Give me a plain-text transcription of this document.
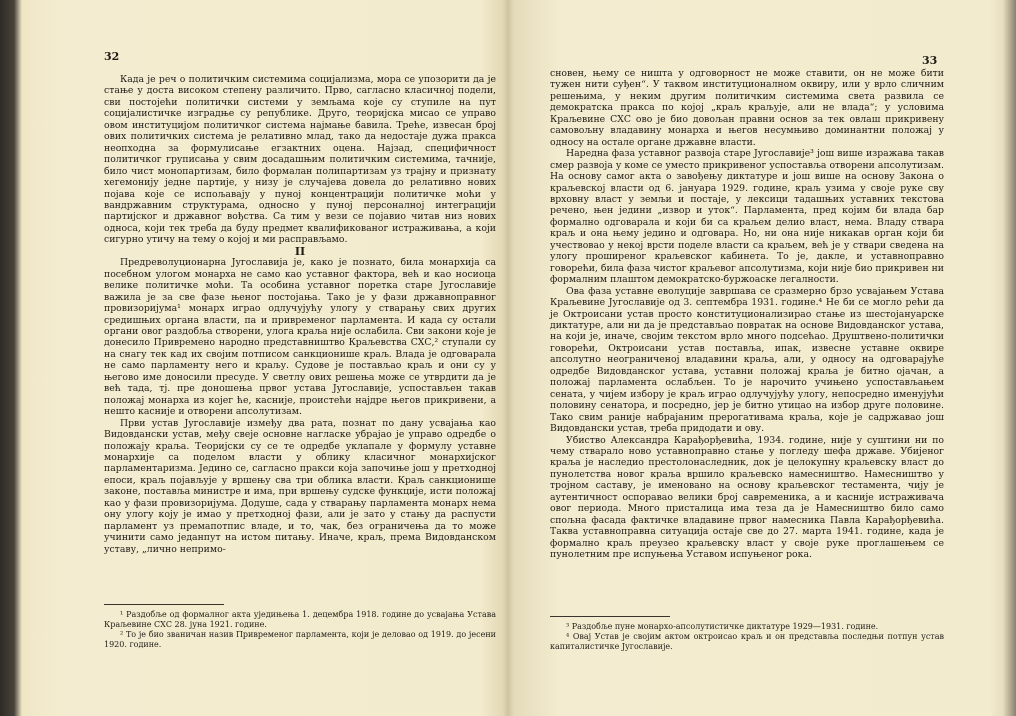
32

Када је реч о политичким системима социјализма, мора се упозорити да је стање у доста високом степену различито. Прво, сагласно класичној подели, сви постојећи политички системи у земљама које су ступиле на пут социјалистичке изградње су републике. Друго, теоријска мисао се управо овом институцијом политичког система најмање бавила. Треће, извесан број ових политичких система је релативно млад, тако да недостаје дужа пракса неопходна за формулисање егзактних оцена. Најзад, специфичност политичког груписања у свим досадашњим политичким системима, тачније, било чист монопартизам, било формалан полипартизам уз трајну и признату хегемонију једне партије, у низу је случајева довела до релативно нових појава које се испољавају у пуној концентрацији политичке моћи у вандржавним структурама, односно у пуној персоналној интеграцији партијског и државног вођства. Са тим у вези се појавио читав низ нових односа, који тек треба да буду предмет квалификованог истраживања, а који сигурно утичу на тему о којој и ми расправљамо.

II

Предреволуционарна Југославија је, како је познато, била монархија са посебном улогом монарха не само као уставног фактора, већ и као носиоца велике политичке моћи. Та особина уставног поретка старе Југославије важила је за све фазе њеног постојања. Тако је у фази државноправног провизоријума¹ монарх играо одлучујућу улогу у стварању свих других средишњих органа власти, па и привременог парламента. И када су остали органи овог раздобља створени, улога краља није ослабила. Сви закони које је донесило Привремено народно представништво Краљевства СХС,² ступали су на снагу тек кад их својим потписом санкционише краљ. Влада је одговарала не само парламенту него и краљу. Судове је постављао краљ и они су у његово име доносили пресуде. У светлу ових решења може се утврдити да је већ тада, тј. пре доношења првог устава Југославије, успостављен такав положај монарха из којег ће, касније, проистећи најдре његов прикривени, а нешто касније и отворени апсолутизам.

Први устав Југославије између два рата, познат по дану усвајања као Видовдански устав, међу свеје основне нагласке убрајао је управо одредбе о положају краља. Теоријски су се те одредбе уклапале у формулу уставне монархије са поделом власти у облику класичног монархијског парламентаризма. Једино се, сагласно пракси која започиње још у претходној епоси, краљ појављује у вршењу сва три облика власти. Краљ санкционише законе, поставља министре и има, при вршењу судске функције, исти положај као у фази провизоријума. Додуше, сада у стварању парламента монарх нема ону улогу коју је имао у претходној фази, али је зато у стању да распусти парламент уз премапотпис владе, и то, чак, без ограничења да то може учинити само једанпут на истом питању. Иначе, краљ, према Видовданском уставу, „лично непримо-

¹ Раздобље од формалног акта уједињења 1. децембра 1918. године до усвајања Устава Краљевине СХС 28. јуна 1921. године.

² То је био званичан назив Привременог парламента, који је деловао од 1919. до јесени 1920. године.

33

сновен, њему се ништа у одговорност не може ставити, он не може бити тужен нити суђен“. У таквом институционалном оквиру, или у врло сличним решењима, у неким другим политичким системима света развила се демократска пракса по којој „краљ краљује, али не влада“; у условима Краљевине СХС ово је био довољан правни основ за тек овлаш прикривену самовољну владавину монарха и његов несумњиво доминантни положај у односу на остале органе државне власти.

Наредна фаза уставног развоја старе Југославије³ још више изражава такав смер развоја у коме се уместо прикривеног успоставља отворени апсолутизам. На основу самог акта о завођењу диктатуре и још више на основу Закона о краљевској власти од 6. јануара 1929. године, краљ узима у своје руке сву врховну власт у земљи и постаје, у лексици тадашњих уставних текстова речено, њен једини „извор и уток“. Парламента, пред којим би влада бар формално одговарала и који би са краљем делио власт, нема. Владу ствара краљ и она њему једино и одговара. Но, ни она није никакав орган који би учествовао у некој врсти поделе власти са краљем, већ је у ствари сведена на улогу проширеног краљевског кабинета. То је, дакле, и уставноправно говорећи, била фаза чистог краљевог апсолутизма, који није био прикривен ни формалним плаштом демократско-буржоаске легалности.

Ова фаза уставне еволуције завршава се сразмерно брзо усвајањем Устава Краљевине Југославије од 3. септембра 1931. године.⁴ Не би се могло рећи да је Октроисани устав просто конституционализирао стање из шестојануарске диктатуре, али ни да је представљао повратак на основе Видовданског устава, на који је, иначе, својим текстом врло много подсећао. Друштвено-политички говорећи, Октроисани устав постављa, ипак, извесне уставне оквире апсолутно неограниченој владавини краља, али, у односу на одговарајуће одредбе Видовданског устава, уставни положај краља је битно ојачан, а положај парламента ослабљен. То је нарочито учињено успостављањем сената, у чијем избору је краљ играо одлучујућу улогу, непосредно именујући половину сенатора, и посредно, јер је битно утицао на избор друге половине. Тако свим ранијe набрајаним прерогативама краља, које је садржавао још Видовдански устав, треба придодати и ову.

Убиство Александра Карађорђевића, 1934. године, није у суштини ни по чему стварало ново уставноправно стање у погледу шефа државе. Убијеног краља је наследио престолонаследник, док је целокупну краљевску власт до пунолетства новог краља вршило краљевско намесништво. Намесништво у тројном саставу, је именовано на основу краљевског тестамента, чију је аутентичност оспоравао велики број савременика, а и касније истраживача овог периода. Много присталица има теза да је Намесништво било само спољна фасада фактичке владавине првог намесника Павла Карађорђевића. Таква уставноправна ситуација остаје све до 27. марта 1941. године, када је формално краљ преузео краљевску власт у своје руке проглашењем се пунолетним пре испуњења Уставом испуњеног рока.

³ Раздобље пуне монархо-апсолутистичке диктатуре 1929—1931. године.

⁴ Овај Устав је својим актом октроисао краљ и он представља последњи потпун устав капиталистичке Југославије.
